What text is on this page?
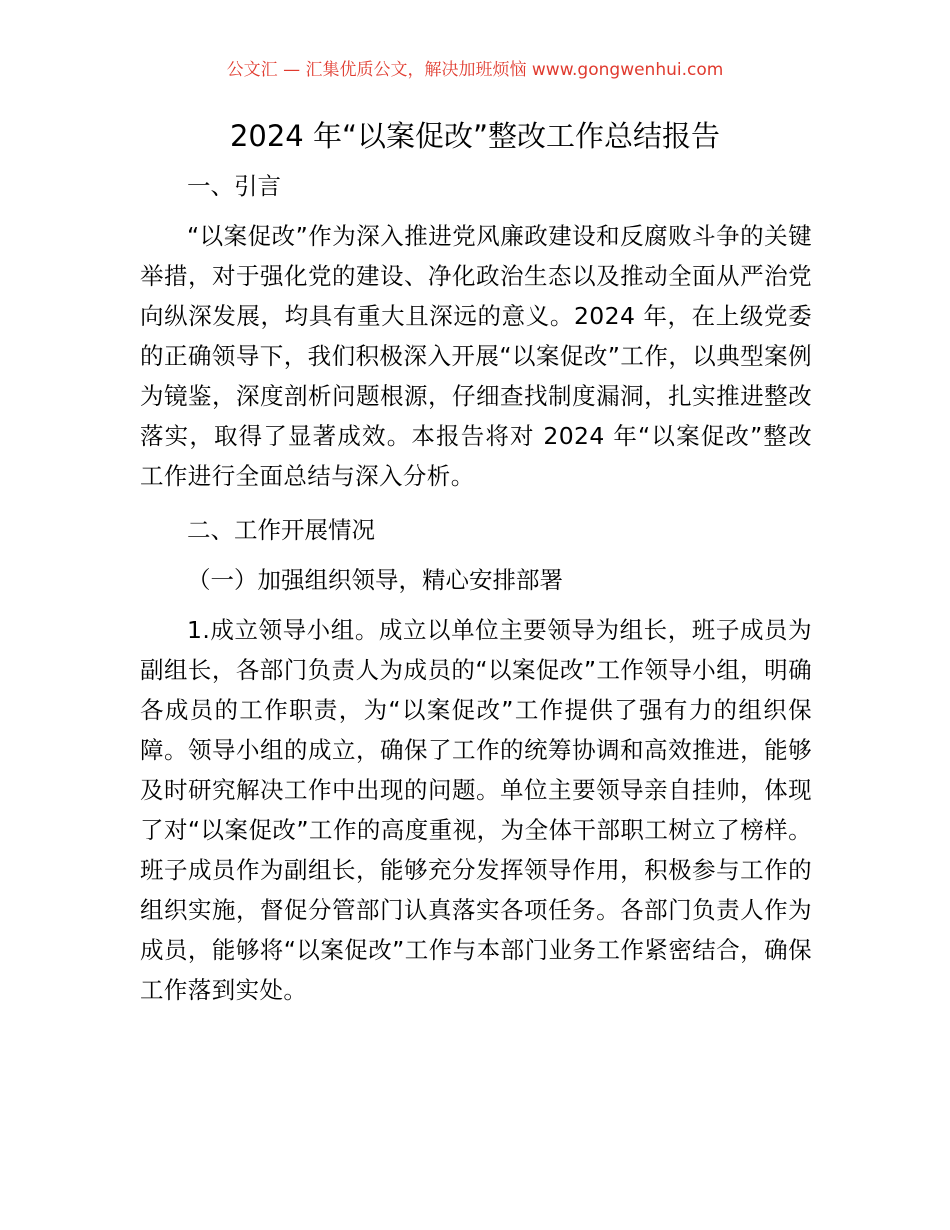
公文汇 — 汇集优质公文，解决加班烦恼 www.gongwenhui.com
2024 年“以案促改”整改工作总结报告

一、引言

“以案促改”作为深入推进党风廉政建设和反腐败斗争的关键举措，对于强化党的建设、净化政治生态以及推动全面从严治党向纵深发展，均具有重大且深远的意义。2024 年，在上级党委的正确领导下，我们积极深入开展“以案促改”工作，以典型案例为镜鉴，深度剖析问题根源，仔细查找制度漏洞，扎实推进整改落实，取得了显著成效。本报告将对 2024 年“以案促改”整改工作进行全面总结与深入分析。

二、工作开展情况

（一）加强组织领导，精心安排部署

1.成立领导小组。成立以单位主要领导为组长，班子成员为副组长，各部门负责人为成员的“以案促改”工作领导小组，明确各成员的工作职责，为“以案促改”工作提供了强有力的组织保障。领导小组的成立，确保了工作的统筹协调和高效推进，能够及时研究解决工作中出现的问题。单位主要领导亲自挂帅，体现了对“以案促改”工作的高度重视，为全体干部职工树立了榜样。班子成员作为副组长，能够充分发挥领导作用，积极参与工作的组织实施，督促分管部门认真落实各项任务。各部门负责人作为成员，能够将“以案促改”工作与本部门业务工作紧密结合，确保工作落到实处。
